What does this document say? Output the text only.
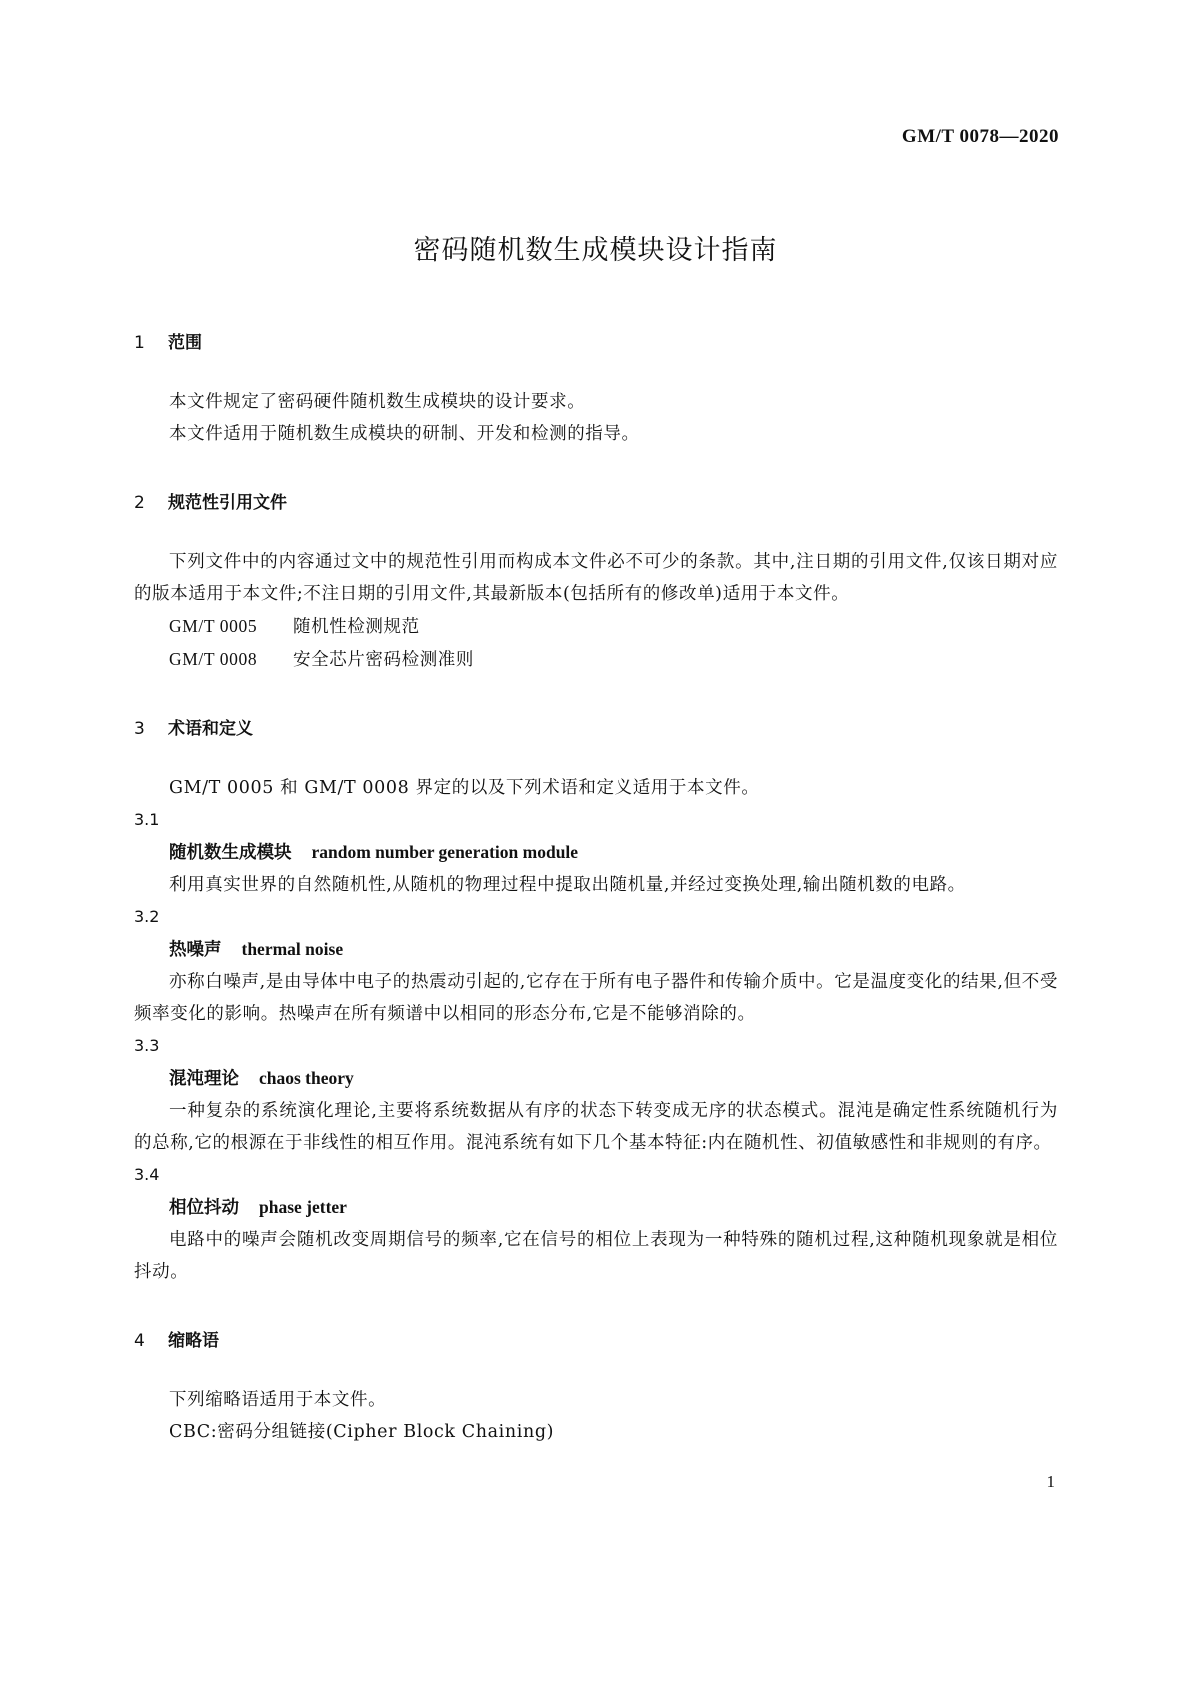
GM/T 0078—2020
密码随机数生成模块设计指南
1 范围
本文件规定了密码硬件随机数生成模块的设计要求。
本文件适用于随机数生成模块的研制、开发和检测的指导。
2 规范性引用文件
下列文件中的内容通过文中的规范性引用而构成本文件必不可少的条款。其中,注日期的引用文件,仅该日期对应的版本适用于本文件;不注日期的引用文件,其最新版本(包括所有的修改单)适用于本文件。
GM/T 0005 随机性检测规范
GM/T 0008 安全芯片密码检测准则
3 术语和定义
GM/T 0005 和 GM/T 0008 界定的以及下列术语和定义适用于本文件。
3.1
随机数生成模块 random number generation module
利用真实世界的自然随机性,从随机的物理过程中提取出随机量,并经过变换处理,输出随机数的电路。
3.2
热噪声 thermal noise
亦称白噪声,是由导体中电子的热震动引起的,它存在于所有电子器件和传输介质中。它是温度变化的结果,但不受频率变化的影响。热噪声在所有频谱中以相同的形态分布,它是不能够消除的。
3.3
混沌理论 chaos theory
一种复杂的系统演化理论,主要将系统数据从有序的状态下转变成无序的状态模式。混沌是确定性系统随机行为的总称,它的根源在于非线性的相互作用。混沌系统有如下几个基本特征:内在随机性、初值敏感性和非规则的有序。
3.4
相位抖动 phase jetter
电路中的噪声会随机改变周期信号的频率,它在信号的相位上表现为一种特殊的随机过程,这种随机现象就是相位抖动。
4 缩略语
下列缩略语适用于本文件。
CBC:密码分组链接(Cipher Block Chaining)
1
